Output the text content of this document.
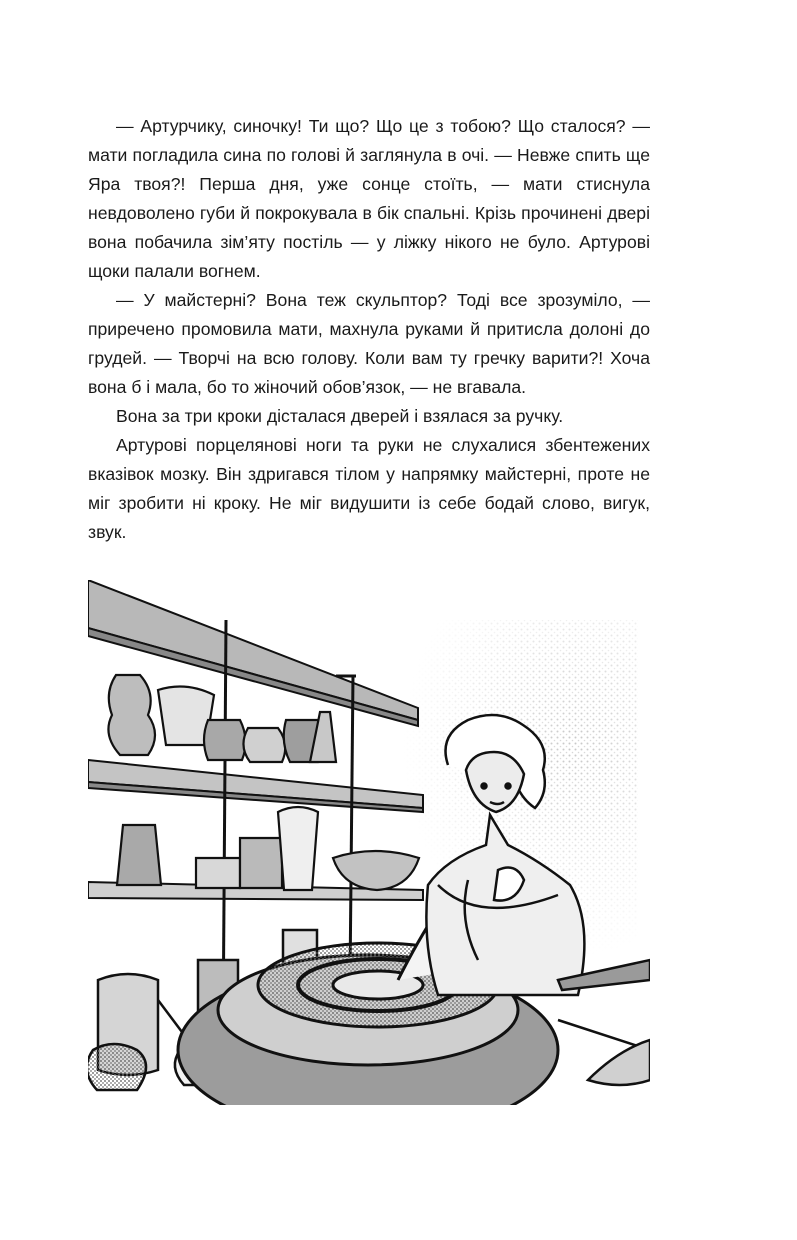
— Артурчику, синочку! Ти що? Що це з тобою? Що сталося? — мати погладила сина по голові й заглянула в очі. — Невже спить ще Яра твоя?! Перша дня, уже сонце стоїть, — мати стиснула невдоволено губи й покрокувала в бік спальні. Крізь прочинені двері вона побачила зім’яту постіль — у ліжку нікого не було. Артурові щоки палали вогнем.

— У майстерні? Вона теж скульптор? Тоді все зрозуміло, — приречено промовила мати, махнула руками й притисла долоні до грудей. — Творчі на всю голову. Коли вам ту гречку варити?! Хоча вона б і мала, бо то жіночий обов’язок, — не вгавала.

Вона за три кроки дісталася дверей і взялася за ручку.

Артурові порцелянові ноги та руки не слухалися збентежених вказівок мозку. Він здригався тілом у напрямку майстерні, проте не міг зробити ні кроку. Не міг видушити із себе бодай слово, вигук, звук.
